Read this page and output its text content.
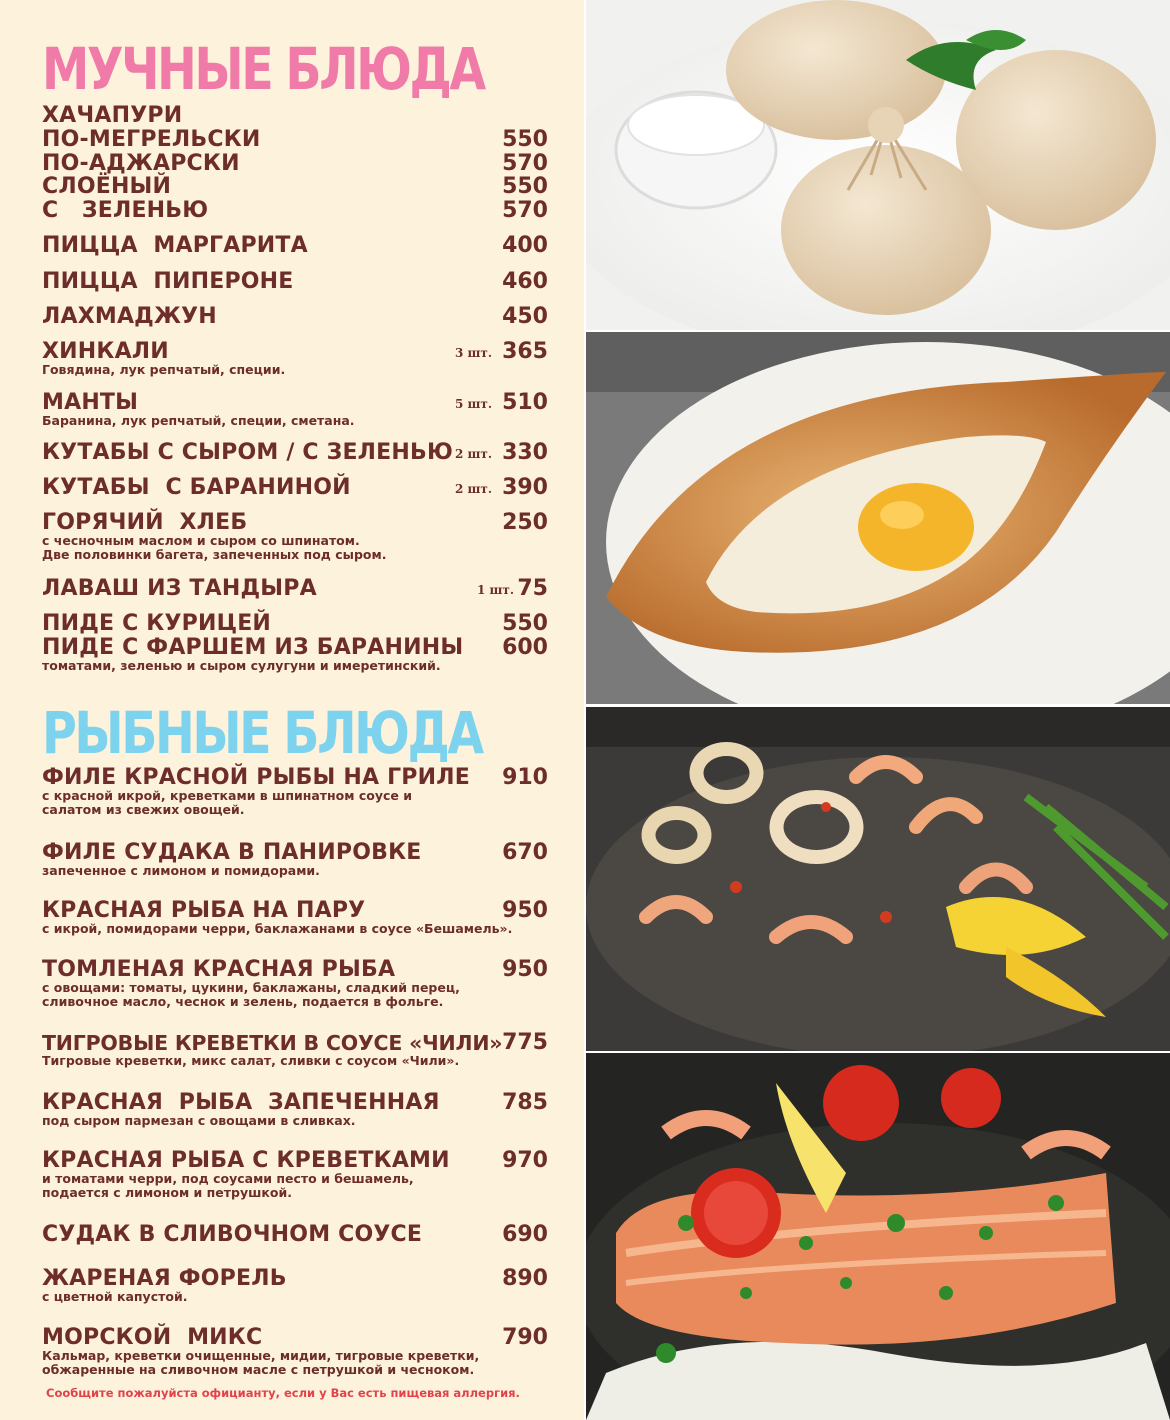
МУЧНЫЕ БЛЮДА
ХАЧАПУРИ
ПО-МЕГРЕЛЬСКИ	550
ПО-АДЖАРСКИ	570
СЛОЁНЫЙ	550
С   ЗЕЛЕНЬЮ	570
ПИЦЦА  МАРГАРИТА	400
ПИЦЦА  ПИПЕРОНЕ	460
ЛАХМАДЖУН	450
ХИНКАЛИ	3 шт. 365
Говядина, лук репчатый, специи.
МАНТЫ	5 шт. 510
Баранина, лук репчатый, специи, сметана.
КУТАБЫ С СЫРОМ / С ЗЕЛЕНЬЮ 2 шт. 330
КУТАБЫ  С БАРАНИНОЙ	2 шт. 390
ГОРЯЧИЙ  ХЛЕБ	250
с чесночным маслом и сыром со шпинатом.
Две половинки багета, запеченных под сыром.
ЛАВАШ ИЗ ТАНДЫРА	1 шт. 75
ПИДЕ С КУРИЦЕЙ	550
ПИДЕ С ФАРШЕМ ИЗ БАРАНИНЫ 600
томатами, зеленью и сыром сулугуни и имеретинский.
РЫБНЫЕ БЛЮДА
ФИЛЕ КРАСНОЙ РЫБЫ НА ГРИЛЕ 910
с красной икрой, креветками в шпинатном соусе и
салатом из свежих овощей.
ФИЛЕ СУДАКА В ПАНИРОВКЕ	670
запеченное с лимоном и помидорами.
КРАСНАЯ РЫБА НА ПАРУ	950
с икрой, помидорами черри, баклажанами в соусе «Бешамель».
ТОМЛЕНАЯ КРАСНАЯ РЫБА	950
с овощами: томаты, цукини, баклажаны, сладкий перец,
сливочное масло, чеснок и зелень, подается в фольге.
ТИГРОВЫЕ КРЕВЕТКИ В СОУСЕ «ЧИЛИ» 775
Тигровые креветки, микс салат, сливки с соусом «Чили».
КРАСНАЯ  РЫБА  ЗАПЕЧЕННАЯ	785
под сыром пармезан с овощами в сливках.
КРАСНАЯ РЫБА С КРЕВЕТКАМИ 970
и томатами черри, под соусами песто и бешамель,
подается с лимоном и петрушкой.
СУДАК В СЛИВОЧНОМ СОУСЕ	690
ЖАРЕНАЯ ФОРЕЛЬ	890
с цветной капустой.
МОРСКОЙ  МИКС	790
Кальмар, креветки очищенные, мидии, тигровые креветки,
обжаренные на сливочном масле с петрушкой и чесноком.
Сообщите пожалуйста официанту, если у Вас есть пищевая аллергия.
